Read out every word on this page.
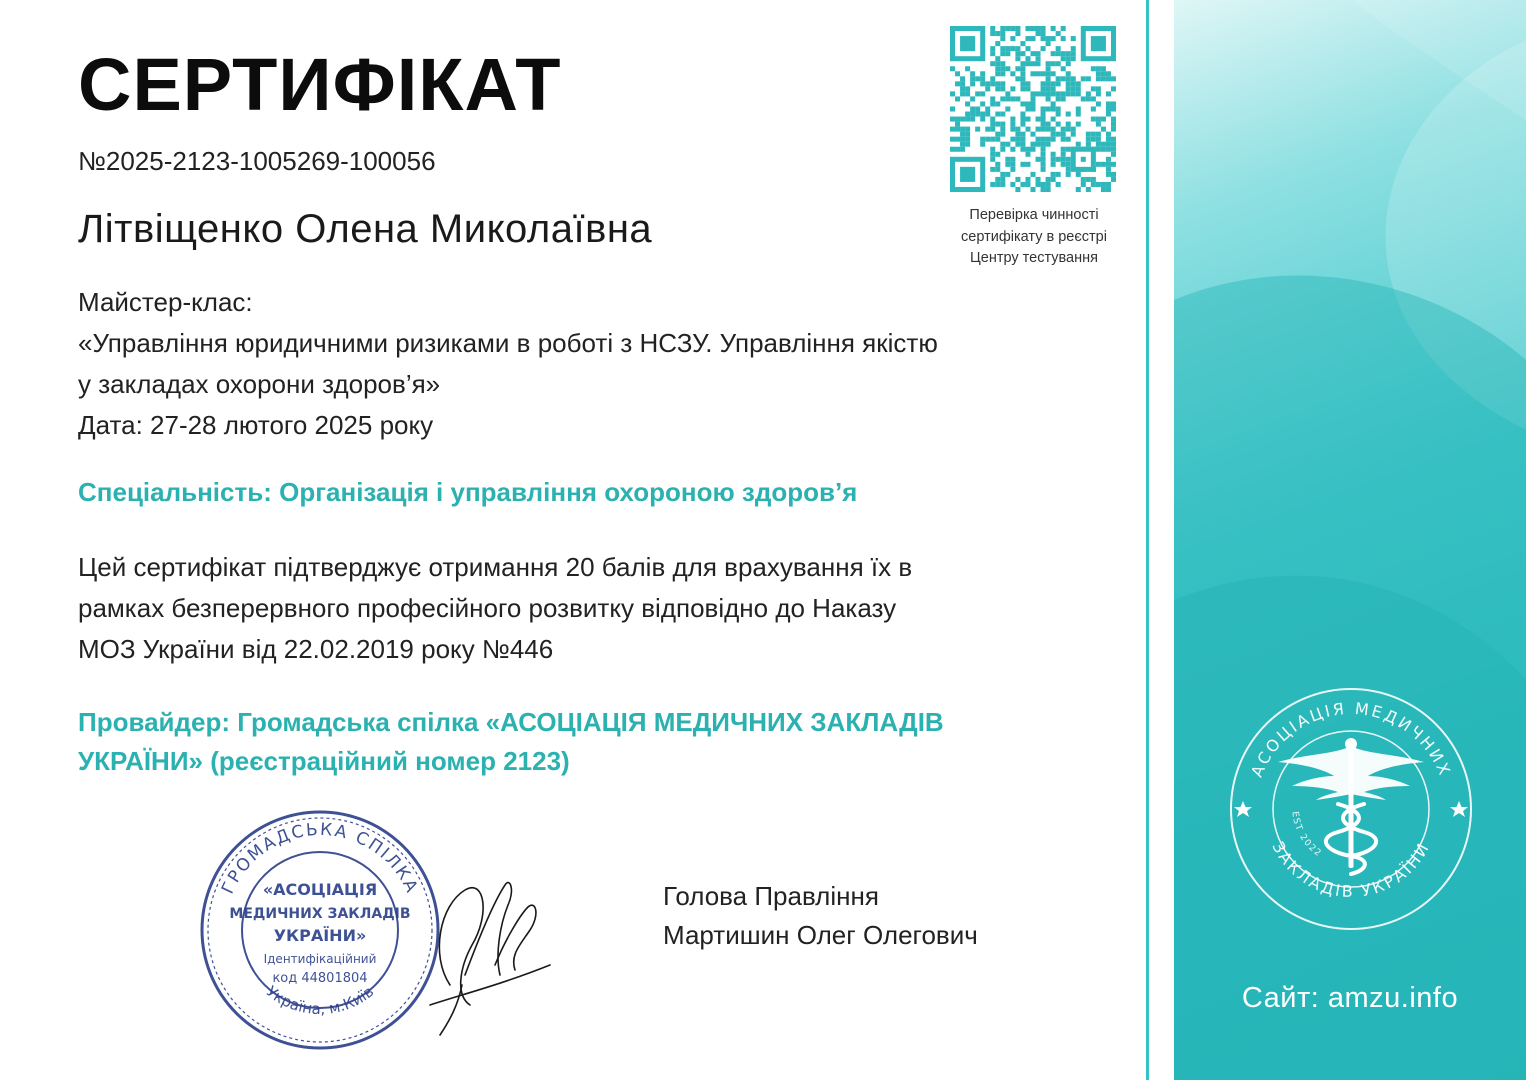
СЕРТИФІКАТ
№2025-2123-1005269-100056
Літвіщенко Олена Миколаївна
Майстер-клас:
«Управління юридичними ризиками в роботі з НСЗУ. Управління якістю
у закладах охорони здоров’я»
Дата: 27-28 лютого 2025 року
Спеціальність: Організація і управління охороною здоров’я
Цей сертифікат підтверджує отримання 20 балів для врахування їх в
рамках безперервного професійного розвитку відповідно до Наказу
МОЗ України від 22.02.2019 року №446
Провайдер: Громадська спілка «АСОЦІАЦІЯ МЕДИЧНИХ ЗАКЛАДІВ
УКРАЇНИ» (реєстраційний номер 2123)
Голова Правління
Мартишин Олег Олегович
Перевірка чинності
сертифікату в реєстрі
Центру тестування
ГРОМАДСЬКА СПІЛКА
Україна, м.Київ
«АСОЦІАЦІЯ
МЕДИЧНИХ ЗАКЛАДІВ
УКРАЇНИ»
Ідентифікаційний
код 44801804
АСОЦІАЦІЯ МЕДИЧНИХ
ЗАКЛАДІВ УКРАЇНИ
EST 2022
Сайт: amzu.info
